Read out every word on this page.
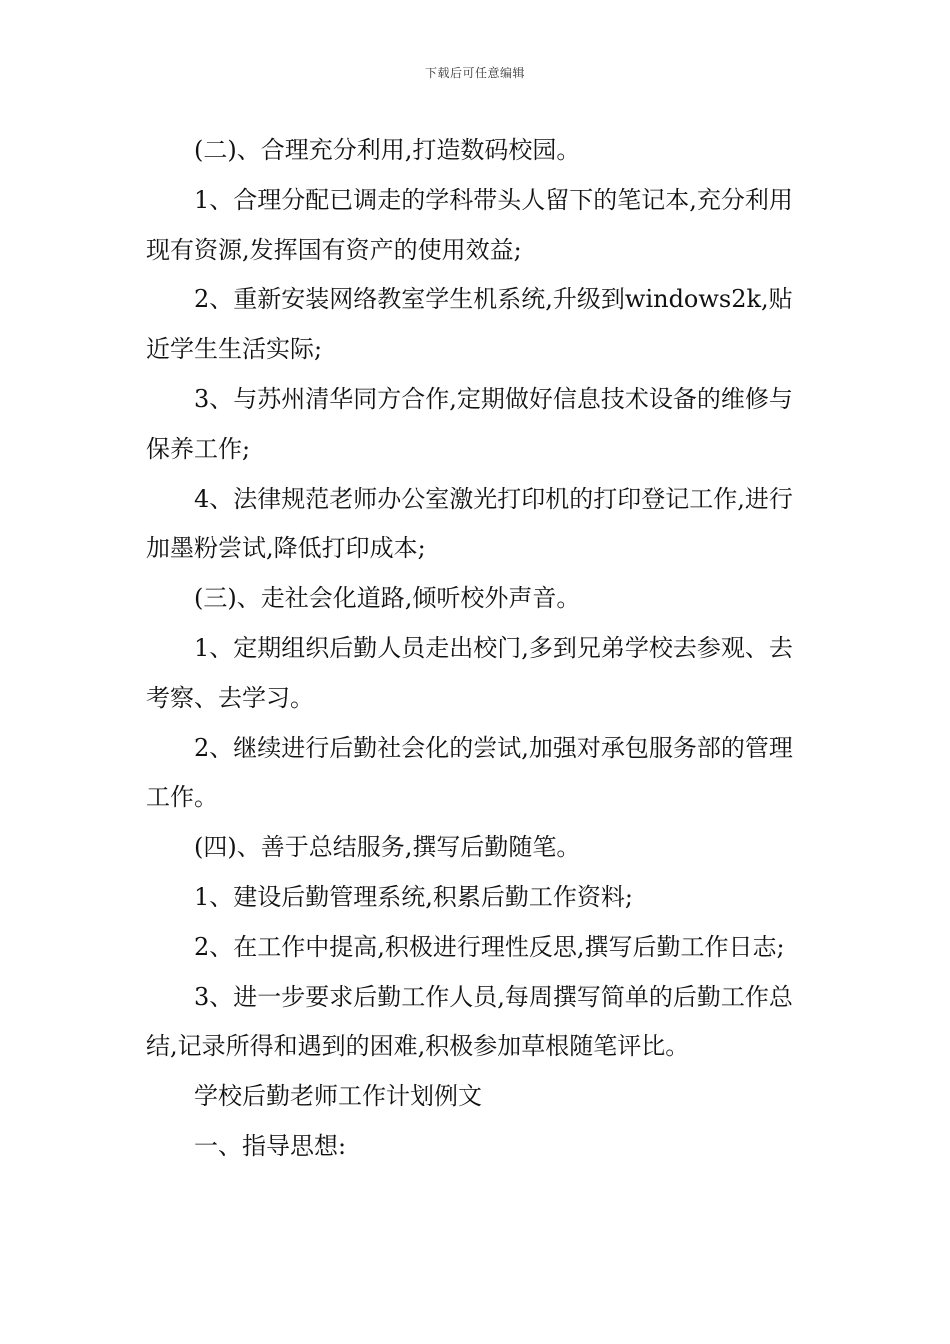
下载后可任意编辑

(二)、合理充分利用,打造数码校园。

1、合理分配已调走的学科带头人留下的笔记本,充分利用现有资源,发挥国有资产的使用效益;

2、重新安装网络教室学生机系统,升级到windows2k,贴近学生生活实际;

3、与苏州清华同方合作,定期做好信息技术设备的维修与保养工作;

4、法律规范老师办公室激光打印机的打印登记工作,进行加墨粉尝试,降低打印成本;

(三)、走社会化道路,倾听校外声音。

1、定期组织后勤人员走出校门,多到兄弟学校去参观、去考察、去学习。

2、继续进行后勤社会化的尝试,加强对承包服务部的管理工作。

(四)、善于总结服务,撰写后勤随笔。

1、建设后勤管理系统,积累后勤工作资料;

2、在工作中提高,积极进行理性反思,撰写后勤工作日志;

3、进一步要求后勤工作人员,每周撰写简单的后勤工作总结,记录所得和遇到的困难,积极参加草根随笔评比。

学校后勤老师工作计划例文

一、指导思想:
